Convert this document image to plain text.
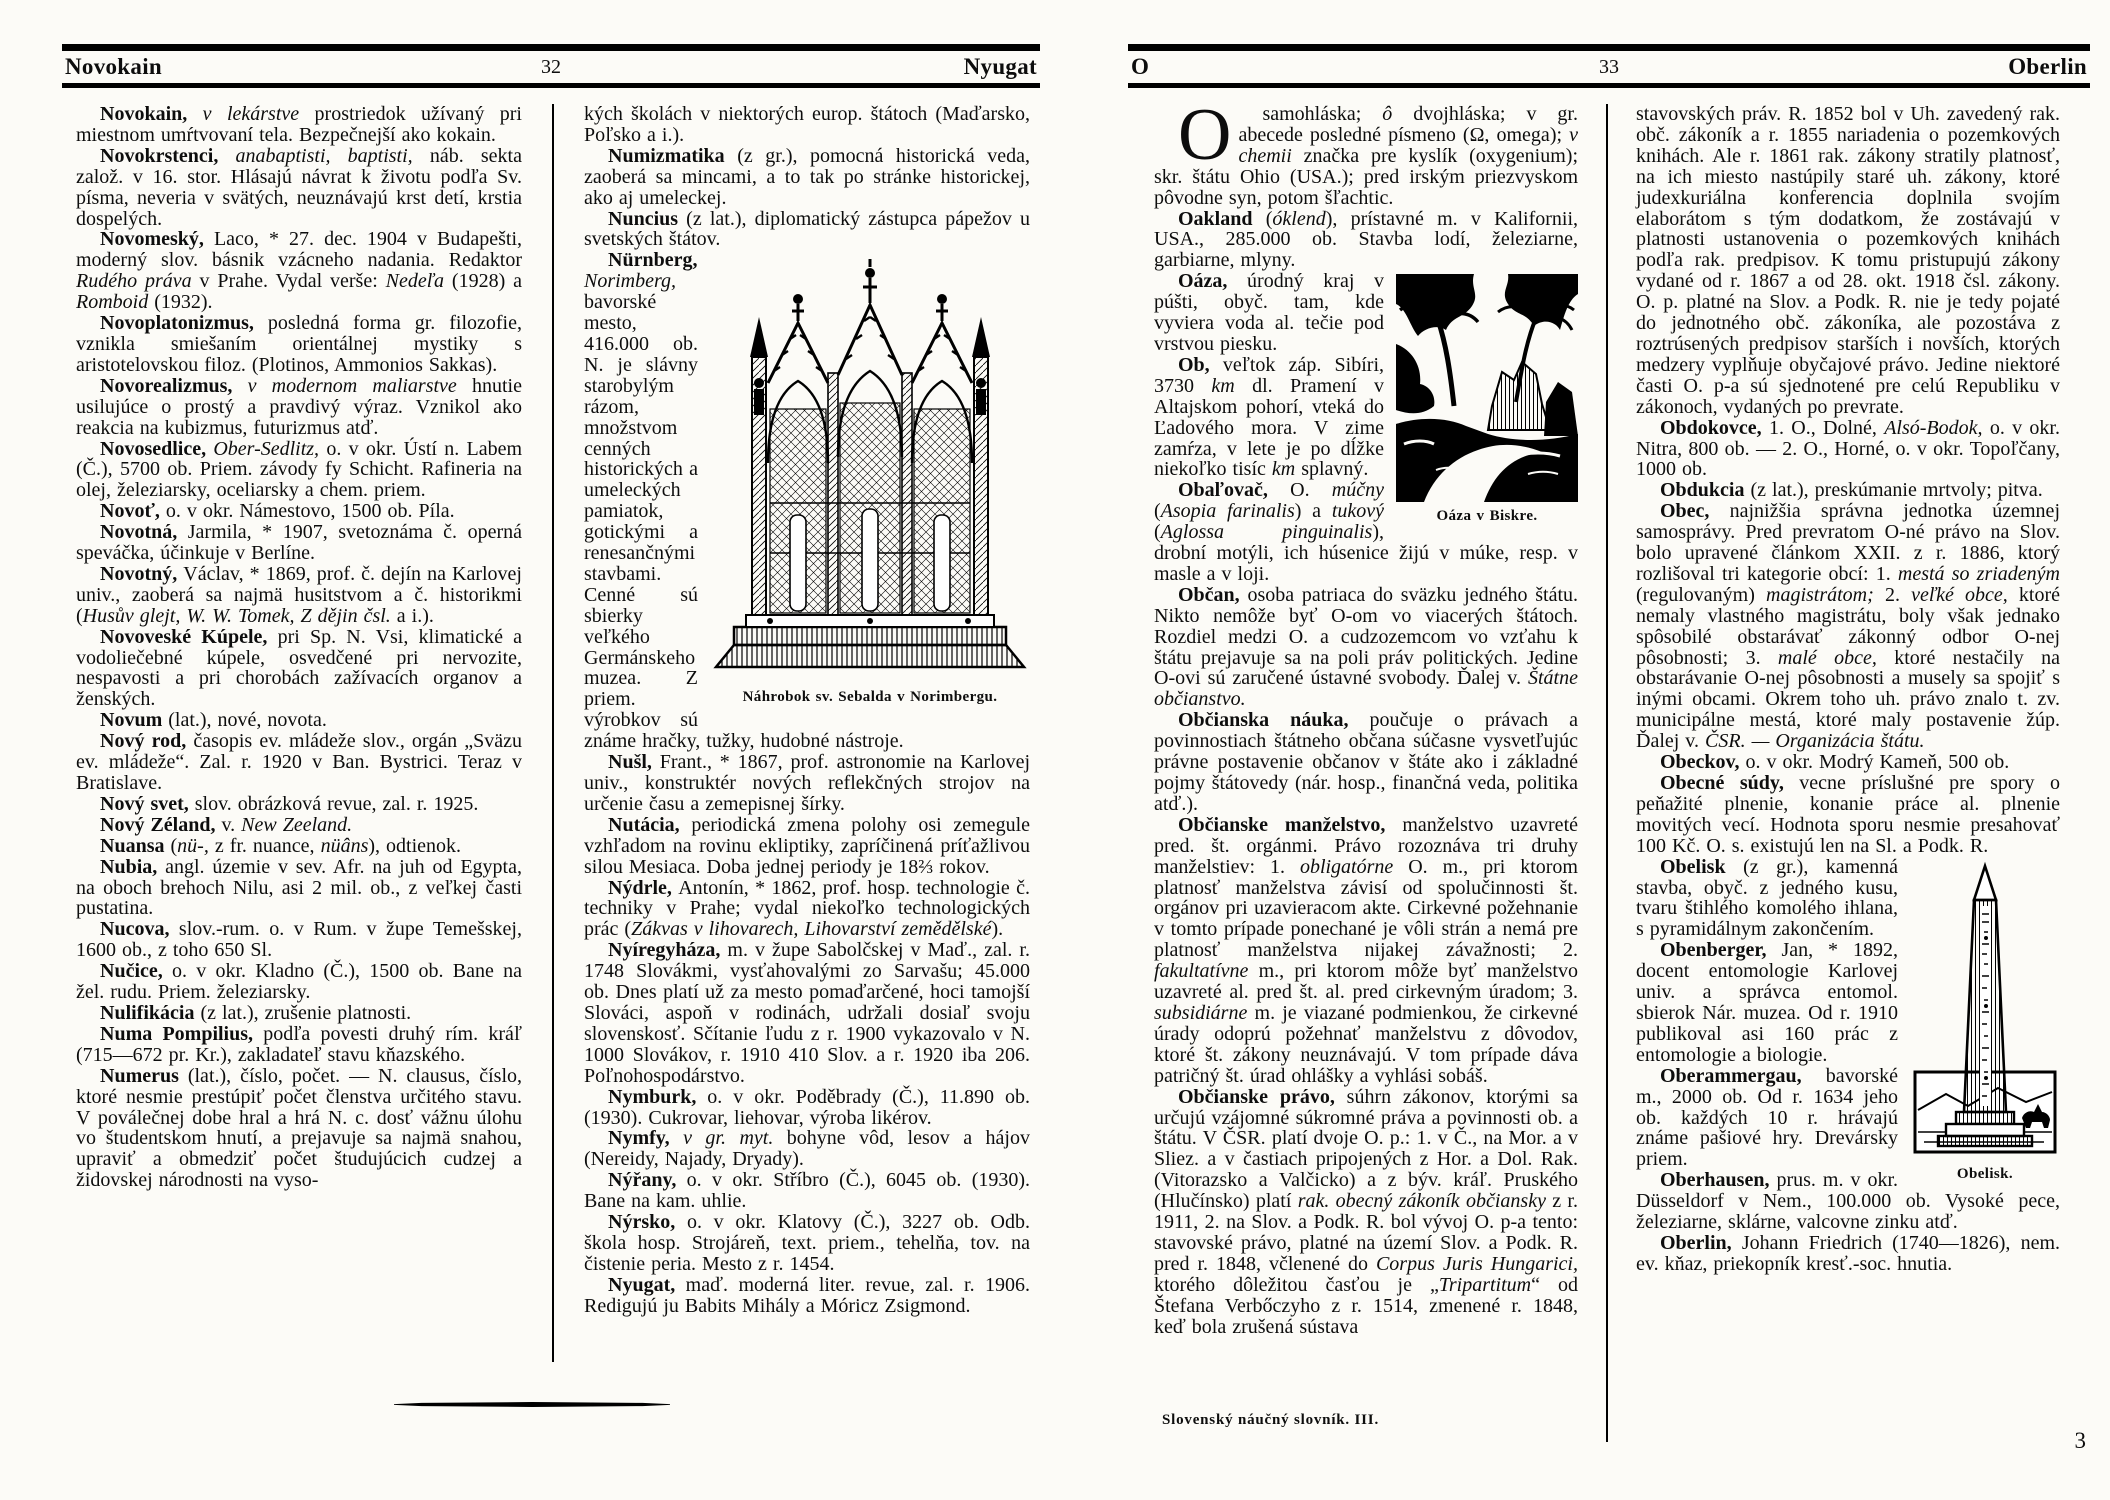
Novokain	32	Nyugat

Novokain, v lekárstve prostriedok užívaný pri miestnom umŕtvovaní tela. Bezpečnejší ako kokain.

Novokrstenci, anabaptisti, baptisti, náb. sekta založ. v 16. stor. Hlásajú návrat k životu podľa Sv. písma, neveria v svätých, neuznávajú krst detí, krstia dospelých.

Novomeský, Laco, * 27. dec. 1904 v Budapešti, moderný slov. básnik vzácneho nadania. Redaktor Rudého práva v Prahe. Vydal verše: Nedeľa (1928) a Romboid (1932).

Novoplatonizmus, posledná forma gr. filozofie, vznikla smiešaním orientálnej mystiky s aristotelovskou filoz. (Plotinos, Ammonios Sakkas).

Novorealizmus, v modernom maliarstve hnutie usilujúce o prostý a pravdivý výraz. Vznikol ako reakcia na kubizmus, futurizmus atď.

Novosedlice, Ober-Sedlitz, o. v okr. Ústí n. Labem (Č.), 5700 ob. Priem. závody fy Schicht. Rafineria na olej, železiarsky, oceliarsky a chem. priem.

Novoť, o. v okr. Námestovo, 1500 ob. Píla.

Novotná, Jarmila, * 1907, svetoznáma č. operná speváčka, účinkuje v Berlíne.

Novotný, Václav, * 1869, prof. č. dejín na Karlovej univ., zaoberá sa najmä husitstvom a č. historikmi (Husův glejt, W. W. Tomek, Z dějin čsl. a i.).

Novoveské Kúpele, pri Sp. N. Vsi, klimatické a vodoliečebné kúpele, osvedčené pri nervozite, nespavosti a pri chorobách zažívacích organov a ženských.

Novum (lat.), nové, novota.

Nový rod, časopis ev. mládeže slov., orgán „Sväzu ev. mládeže“. Zal. r. 1920 v Ban. Bystrici. Teraz v Bratislave.

Nový svet, slov. obrázková revue, zal. r. 1925.

Nový Zéland, v. New Zeeland.

Nuansa (nü-, z fr. nuance, nüâns), odtienok.

Nubia, angl. územie v sev. Afr. na juh od Egypta, na oboch brehoch Nilu, asi 2 mil. ob., z veľkej časti pustatina.

Nucova, slov.-rum. o. v Rum. v župe Temešskej, 1600 ob., z toho 650 Sl.

Nučice, o. v okr. Kladno (Č.), 1500 ob. Bane na žel. rudu. Priem. železiarsky.

Nulifikácia (z lat.), zrušenie platnosti.

Numa Pompilius, podľa povesti druhý rím. kráľ (715—672 pr. Kr.), zakladateľ stavu kňazského.

Numerus (lat.), číslo, počet. — N. clausus, číslo, ktoré nesmie prestúpiť počet členstva určitého stavu. V poválečnej dobe hral a hrá N. c. dosť vážnu úlohu vo študentskom hnutí, a prejavuje sa najmä snahou, upraviť a obmedziť počet študujúcich cudzej a židovskej národnosti na vyso-

kých školách v niektorých europ. štátoch (Maďarsko, Poľsko a i.).

Numizmatika (z gr.), pomocná historická veda, zaoberá sa mincami, a to tak po stránke historickej, ako aj umeleckej.

Nuncius (z lat.), diplomatický zástupca pápežov u svetských štátov.

Náhrobok sv. Sebalda v Norimbergu.

Nürnberg, Norimberg, bavorské mesto, 416.000 ob. N. je slávny starobylým rázom, množstvom cenných historických a umeleckých pamiatok, gotickými a renesančnými stavbami. Cenné sú sbierky veľkého Germánskeho muzea. Z priem. výrobkov sú známe hračky, tužky, hudobné nástroje.

Nušl, Frant., * 1867, prof. astronomie na Karlovej univ., konstruktér nových reflekčných strojov na určenie času a zemepisnej šírky.

Nutácia, periodická zmena polohy osi zemegule vzhľadom na rovinu ekliptiky, zapríčinená príťažlivou silou Mesiaca. Doba jednej periody je 18⅔ rokov.

Nýdrle, Antonín, * 1862, prof. hosp. technologie č. techniky v Prahe; vydal niekoľko technologických prác (Zákvas v lihovarech, Lihovarství zemědělské).

Nyíregyháza, m. v župe Sabolčskej v Maď., zal. r. 1748 Slovákmi, vysťahovalými zo Sarvašu; 45.000 ob. Dnes platí už za mesto pomaďarčené, hoci tamojší Slováci, aspoň v rodinách, udržali dosiaľ svoju slovenskosť. Sčítanie ľudu z r. 1900 vykazovalo v N. 1000 Slovákov, r. 1910 410 Slov. a r. 1920 iba 206. Poľnohospodárstvo.

Nymburk, o. v okr. Poděbrady (Č.), 11.890 ob. (1930). Cukrovar, liehovar, výroba likérov.

Nymfy, v gr. myt. bohyne vôd, lesov a hájov (Nereidy, Najady, Dryady).

Nýřany, o. v okr. Stříbro (Č.), 6045 ob. (1930). Bane na kam. uhlie.

Nýrsko, o. v okr. Klatovy (Č.), 3227 ob. Odb. škola hosp. Strojáreň, text. priem., tehelňa, tov. na čistenie peria. Mesto z r. 1454.

Nyugat, maď. moderná liter. revue, zal. r. 1906. Redigujú ju Babits Mihály a Móricz Zsigmond.

O	33	Oberlin

O	samohláska; ô dvojhláska; v gr. abecede posledné písmeno (Ω, omega); v chemii značka pre kyslík (oxygenium); skr. štátu Ohio (USA.); pred irským priezvyskom pôvodne syn, potom šľachtic.

Oakland (óklend), prístavné m. v Kalifornii, USA., 285.000 ob. Stavba lodí, železiarne, garbiarne, mlyny.

Oáza v Biskre.

Oáza, úrodný kraj v púšti, obyč. tam, kde vyviera voda al. tečie pod vrstvou piesku.

Ob, veľtok záp. Sibíri, 3730 km dl. Pramení v Altajskom pohorí, vteká do Ľadového mora. V zime zamŕza, v lete je po dĺžke niekoľko tisíc km splavný.

Obaľovač, O. múčny (Asopia farinalis) a tukový (Aglossa pinguinalis), drobní motýli, ich húsenice žijú v múke, resp. v masle a v loji.

Občan, osoba patriaca do sväzku jedného štátu. Nikto nemôže byť O-om vo viacerých štátoch. Rozdiel medzi O. a cudzozemcom vo vzťahu k štátu prejavuje sa na poli práv politických. Jedine O-ovi sú zaručené ústavné svobody. Ďalej v. Štátne občianstvo.

Občianska náuka, poučuje o právach a povinnostiach štátneho občana súčasne vysvetľujúc právne postavenie občanov v štáte ako i základné pojmy štátovedy (nár. hosp., finančná veda, politika atď.).

Občianske manželstvo, manželstvo uzavreté pred. št. orgánmi. Právo rozoznáva tri druhy manželstiev: 1. obligatórne O. m., pri ktorom platnosť manželstva závisí od spolučinnosti št. orgánov pri uzavieracom akte. Cirkevné požehnanie v tomto prípade ponechané je vôli strán a nemá pre platnosť manželstva nijakej závažnosti; 2. fakultatívne m., pri ktorom môže byť manželstvo uzavreté al. pred št. al. pred cirkevným úradom; 3. subsidiárne m. je viazané podmienkou, že cirkevné úrady odoprú požehnať manželstvu z dôvodov, ktoré št. zákony neuznávajú. V tom prípade dáva patričný št. úrad ohlášky a vyhlási sobáš.

Občianske právo, súhrn zákonov, ktorými sa určujú vzájomné súkromné práva a povinnosti ob. a štátu. V ČSR. platí dvoje O. p.: 1. v Č., na Mor. a v Sliez. a v častiach pripojených z Hor. a Dol. Rak. (Vitorazsko a Valčicko) a z býv. kráľ. Pruského (Hlučínsko) platí rak. obecný zákoník občiansky z r. 1911, 2. na Slov. a Podk. R. bol vývoj O. p-a tento: stavovské právo, platné na území Slov. a Podk. R. pred r. 1848, včlenené do Corpus Juris Hungarici, ktorého dôležitou časťou je „Tripartitum“ od Štefana Verbőczyho z r. 1514, zmenené r. 1848, keď bola zrušená sústava

stavovských práv. R. 1852 bol v Uh. zavedený rak. obč. zákoník a r. 1855 nariadenia o pozemkových knihách. Ale r. 1861 rak. zákony stratily platnosť, na ich miesto nastúpily staré uh. zákony, ktoré judexkuriálna konferencia doplnila svojím elaborátom s tým dodatkom, že zostávajú v platnosti ustanovenia o pozemkových knihách podľa rak. predpisov. K tomu pristupujú zákony vydané od r. 1867 a od 28. okt. 1918 čsl. zákony. O. p. platné na Slov. a Podk. R. nie je tedy pojaté do jednotného obč. zákoníka, ale pozostáva z roztrúsených predpisov starších i novších, ktorých medzery vyplňuje obyčajové právo. Jedine niektoré časti O. p-a sú sjednotené pre celú Republiku v zákonoch, vydaných po prevrate.

Obdokovce, 1. O., Dolné, Alsó-Bodok, o. v okr. Nitra, 800 ob. — 2. O., Horné, o. v okr. Topoľčany, 1000 ob.

Obdukcia (z lat.), preskúmanie mrtvoly; pitva.

Obec, najnižšia správna jednotka územnej samosprávy. Pred prevratom O-né právo na Slov. bolo upravené článkom XXII. z r. 1886, ktorý rozlišoval tri kategorie obcí: 1. mestá so zriadeným (regulovaným) magistrátom; 2. veľké obce, ktoré nemaly vlastného magistrátu, boly však jednako spôsobilé obstarávať zákonný odbor O-nej pôsobnosti; 3. malé obce, ktoré nestačily na obstarávanie O-nej pôsobnosti a musely sa spojiť s inými obcami. Okrem toho uh. právo znalo t. zv. municipálne mestá, ktoré maly postavenie žúp. Ďalej v. ČSR. — Organizácia štátu.

Obeckov, o. v okr. Modrý Kameň, 500 ob.

Obecné súdy, vecne príslušné pre spory o peňažité plnenie, konanie práce al. plnenie movitých vecí. Hodnota sporu nesmie presahovať 100 Kč. O. s. existujú len na Sl. a Podk. R.

Obelisk.

Obelisk (z gr.), kamenná stavba, obyč. z jedného kusu, tvaru štihlého komolého ihlana, s pyramidálnym zakončením.

Obenberger, Jan, * 1892, docent entomologie Karlovej univ. a správca entomol. sbierok Nár. muzea. Od r. 1910 publikoval asi 160 prác z entomologie a biologie.

Oberammergau, bavorské m., 2000 ob. Od r. 1634 jeho ob. každých 10 r. hrávajú známe pašiové hry. Drevársky priem.

Oberhausen, prus. m. v okr. Düsseldorf v Nem., 100.000 ob. Vysoké pece, železiarne, sklárne, valcovne zinku atď.

Oberlin, Johann Friedrich (1740—1826), nem. ev. kňaz, priekopník kresť.-soc. hnutia.

Slovenský náučný slovník. III.
3
